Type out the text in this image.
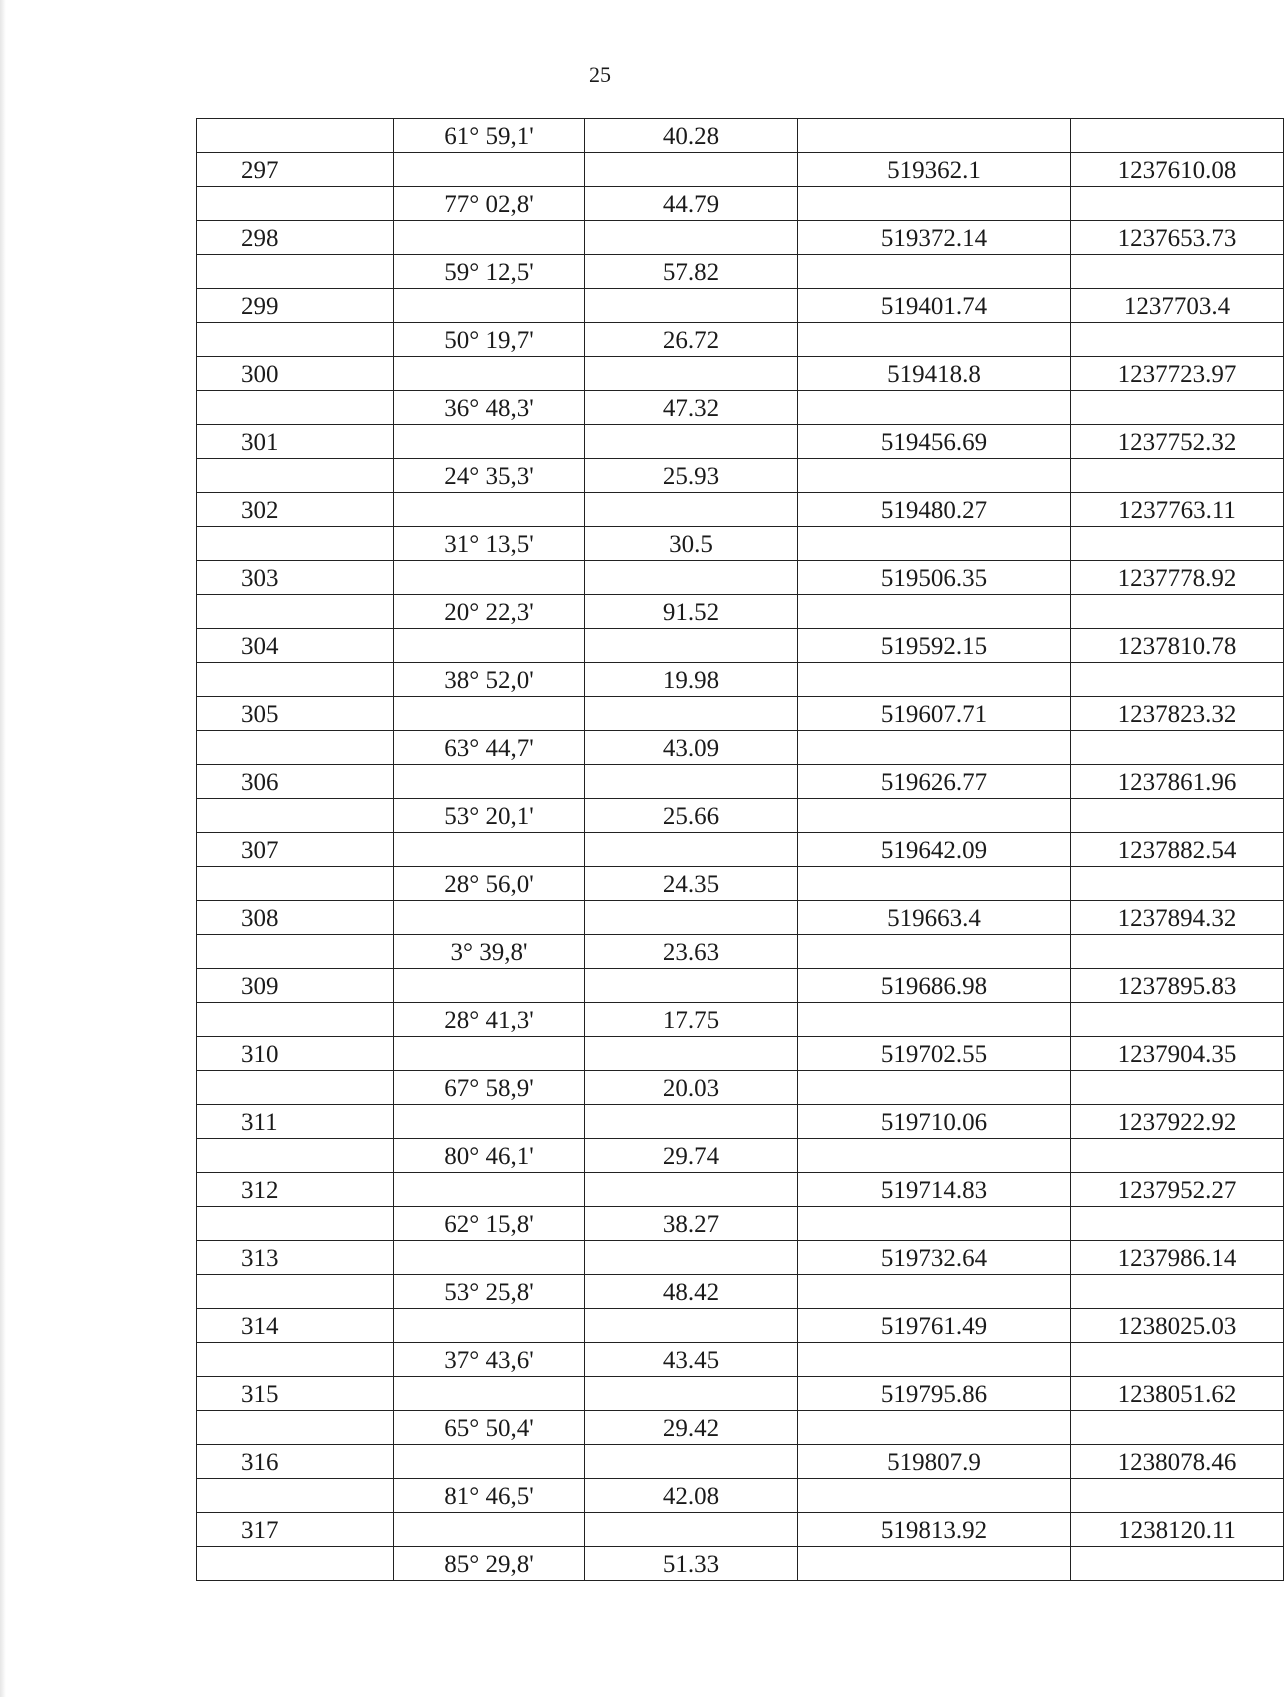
25
	61° 59,1'	40.28		
297			519362.1	1237610.08
	77° 02,8'	44.79		
298			519372.14	1237653.73
	59° 12,5'	57.82		
299			519401.74	1237703.4
	50° 19,7'	26.72		
300			519418.8	1237723.97
	36° 48,3'	47.32		
301			519456.69	1237752.32
	24° 35,3'	25.93		
302			519480.27	1237763.11
	31° 13,5'	30.5		
303			519506.35	1237778.92
	20° 22,3'	91.52		
304			519592.15	1237810.78
	38° 52,0'	19.98		
305			519607.71	1237823.32
	63° 44,7'	43.09		
306			519626.77	1237861.96
	53° 20,1'	25.66		
307			519642.09	1237882.54
	28° 56,0'	24.35		
308			519663.4	1237894.32
	3° 39,8'	23.63		
309			519686.98	1237895.83
	28° 41,3'	17.75		
310			519702.55	1237904.35
	67° 58,9'	20.03		
311			519710.06	1237922.92
	80° 46,1'	29.74		
312			519714.83	1237952.27
	62° 15,8'	38.27		
313			519732.64	1237986.14
	53° 25,8'	48.42		
314			519761.49	1238025.03
	37° 43,6'	43.45		
315			519795.86	1238051.62
	65° 50,4'	29.42		
316			519807.9	1238078.46
	81° 46,5'	42.08		
317			519813.92	1238120.11
	85° 29,8'	51.33		
